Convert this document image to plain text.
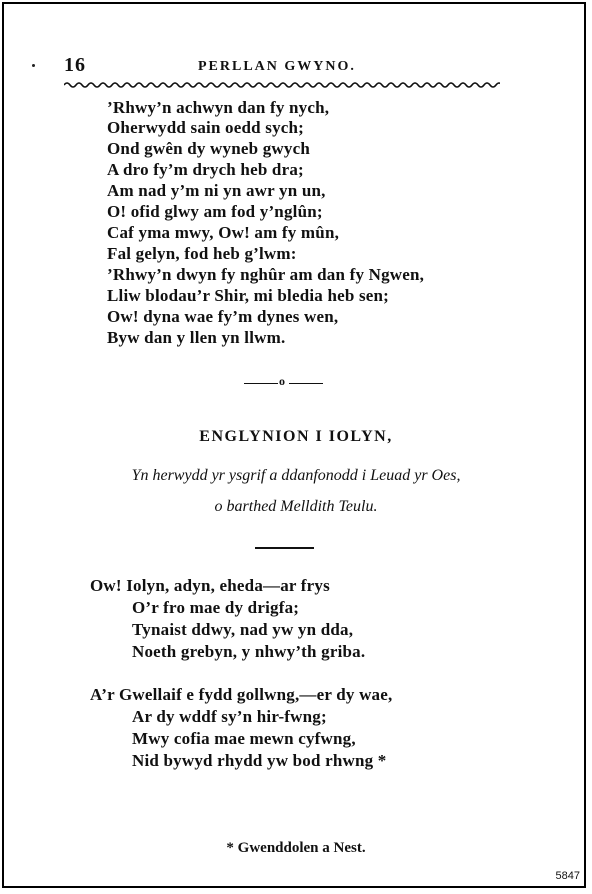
16	PERLLAN GWYNO.
’Rhwy’n achwyn dan fy nych,
Oherwydd sain oedd sych;
Ond gwên dy wyneb gwych
A dro fy’m drych heb dra;
Am nad y’m ni yn awr yn un,
O! ofid glwy am fod y’nglûn;
Caf yma mwy, Ow! am fy mûn,
Fal gelyn, fod heb g’lwm:
’Rhwy’n dwyn fy nghûr am dan fy Ngwen,
Lliw blodau’r Shir, mi bledia heb sen;
Ow! dyna wae fy’m dynes wen,
Byw dan y llen yn llwm.
o
ENGLYNION I IOLYN,
Yn herwydd yr ysgrif a ddanfonodd i Leuad yr Oes,
o barthed Melldith Teulu.
Ow! Iolyn, adyn, eheda—ar frys
O’r fro mae dy drigfa;
Tynaist ddwy, nad yw yn dda,
Noeth grebyn, y nhwy’th griba.
A’r Gwellaif e fydd gollwng,—er dy wae,
Ar dy wddf sy’n hir-fwng;
Mwy cofia mae mewn cyfwng,
Nid bywyd rhydd yw bod rhwng *
* Gwenddolen a Nest.
5847
